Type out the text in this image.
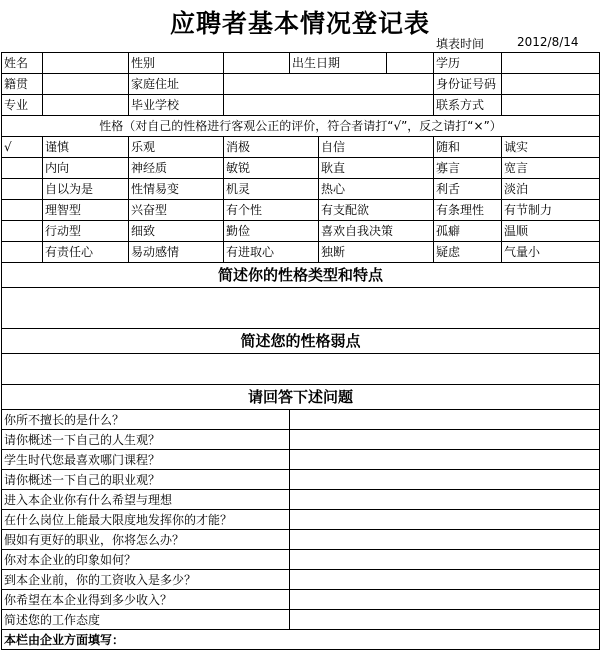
应聘者基本情况登记表
填表时间	2012/8/14
姓名		性别		出生日期			学历	
籍贯		家庭住址					身份证号码	
专业		毕业学校					联系方式	
性格（对自己的性格进行客观公正的评价，符合者请打“√”，反之请打“×”）								
√	谨慎	乐观	消极		自信		随和	诚实
	内向	神经质	敏锐		耿直		寡言	宽言
	自以为是	性情易变	机灵		热心		利舌	淡泊
	理智型	兴奋型	有个性		有支配欲		有条理性	有节制力
	行动型	细致	勤俭		喜欢自我决策		孤癖	温顺
	有责任心	易动感情	有进取心		独断		疑虑	气量小
简述你的性格类型和特点								

简述您的性格弱点								

请回答下述问题								
你所不擅长的是什么？								
请你概述一下自己的人生观？								
学生时代您最喜欢哪门课程？								
请你概述一下自己的职业观？								
进入本企业你有什么希望与理想								
在什么岗位上能最大限度地发挥你的才能？								
假如有更好的职业，你将怎么办？								
你对本企业的印象如何？								
到本企业前，你的工资收入是多少？								
你希望在本企业得到多少收入？								
简述您的工作态度								
本栏由企业方面填写：								
